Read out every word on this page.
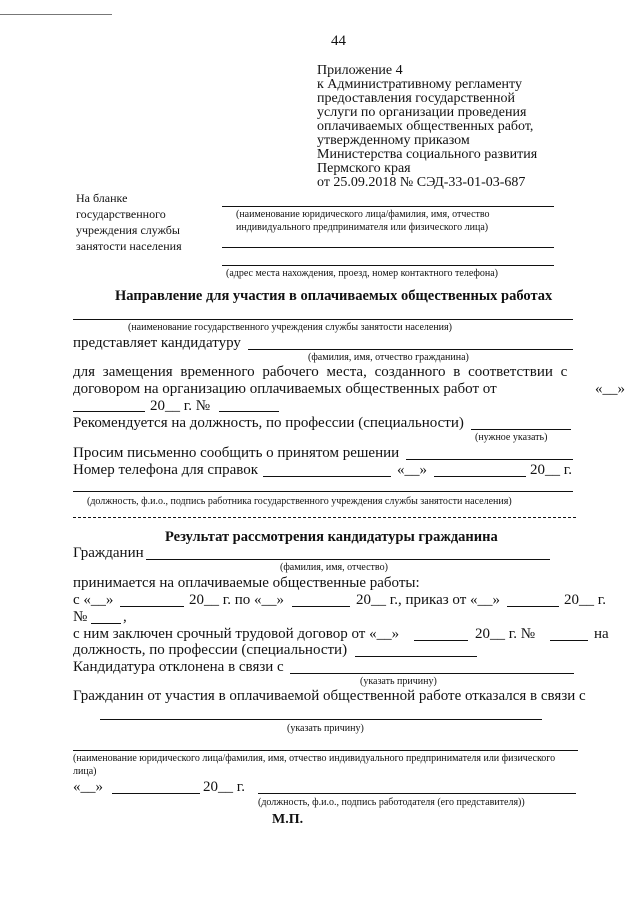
44
Приложение 4
к Административному регламенту
предоставления государственной
услуги по организации проведения
оплачиваемых общественных работ,
утвержденному приказом
Министерства социального развития
Пермского края
от 25.09.2018 № СЭД-33-01-03-687
На бланке
государственного
учреждения службы
занятости населения
(наименование юридического лица/фамилия, имя, отчество
индивидуального предпринимателя или физического лица)
(адрес места нахождения, проезд, номер контактного телефона)
Направление для участия в оплачиваемых общественных работах
(наименование государственного учреждения службы занятости населения)
представляет кандидатуру
(фамилия, имя, отчество гражданина)
для замещения временного рабочего места, созданного в соответствии с
договором на организацию оплачиваемых общественных работ от	«__»
20__ г. №
Рекомендуется на должность, по профессии (специальности)
(нужное указать)
Просим письменно сообщить о принятом решении
Номер телефона для справок	«__»	20__ г.
(должность, ф.и.о., подпись работника государственного учреждения службы занятости населения)
Результат рассмотрения кандидатуры гражданина
Гражданин
(фамилия, имя, отчество)
принимается на оплачиваемые общественные работы:
с «__»	20__ г. по «__»	20__ г., приказ от «__»	20__ г.
№ ,
с ним заключен срочный трудовой договор от «__»	20__ г. №	на
должность, по профессии (специальности)
Кандидатура отклонена в связи с
(указать причину)
Гражданин от участия в оплачиваемой общественной работе отказался в связи с
(указать причину)
(наименование юридического лица/фамилия, имя, отчество индивидуального предпринимателя или физического
лица)
«__»	20__ г.
(должность, ф.и.о., подпись работодателя (его представителя))
М.П.
